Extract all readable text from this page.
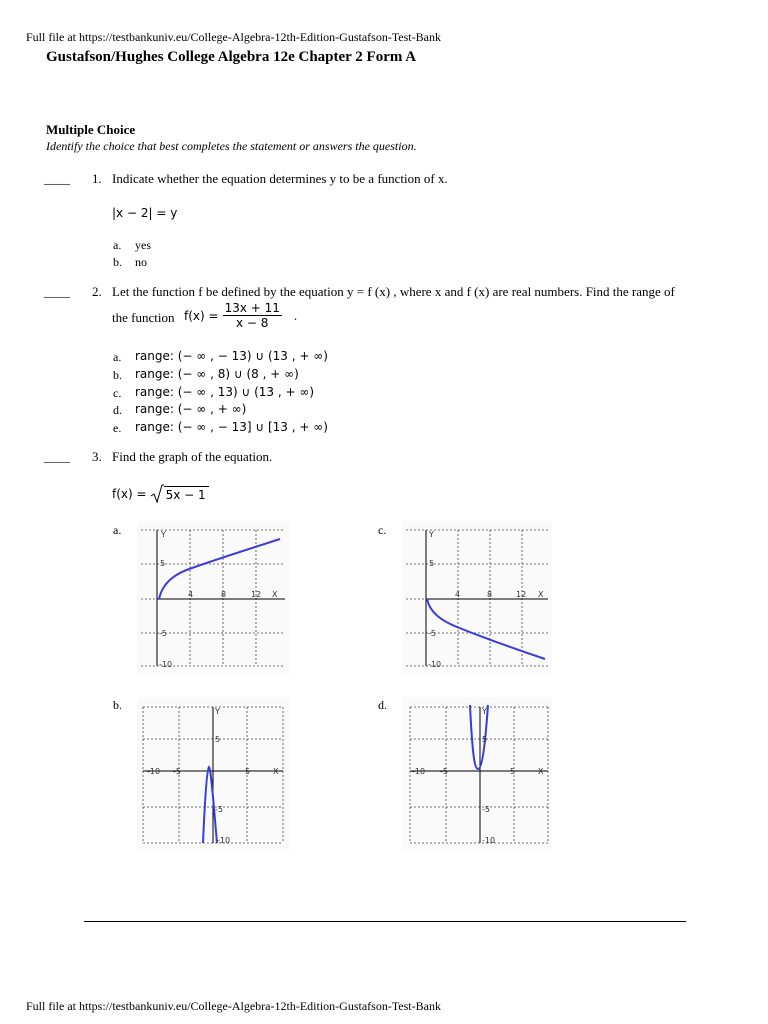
Full file at https://testbankuniv.eu/College-Algebra-12th-Edition-Gustafson-Test-Bank
Gustafson/Hughes College Algebra 12e Chapter 2 Form A
Multiple Choice
Identify the choice that best completes the statement or answers the question.
____ 1. Indicate whether the equation determines y to be a function of x.
|x − 2| = y
a. yes
b. no
____ 2. Let the function f be defined by the equation y = f (x) , where x and f (x) are real numbers. Find the range of
the function $f(x) = \frac{13x + 11}{x - 8}$ .
a. range: (− ∞ , − 13) ∪ (13 , + ∞)
b. range: (− ∞ , 8) ∪ (8 , + ∞)
c. range: (− ∞ , 13) ∪ (13 , + ∞)
d. range: (− ∞ , + ∞)
e. range: (− ∞ , − 13] ∪ [13 , + ∞)
____ 3. Find the graph of the equation.
f(x) = 5x − 1
a.	c.
b.	d.
Y
5
4	8	12 X
-5
-10
Y
5
4	8	12 X
-5
-10
Y
5
-10 -5	5	X
-5
-10
Y
5
-10 -5	5	X
-5
-10
Full file at https://testbankuniv.eu/College-Algebra-12th-Edition-Gustafson-Test-Bank
